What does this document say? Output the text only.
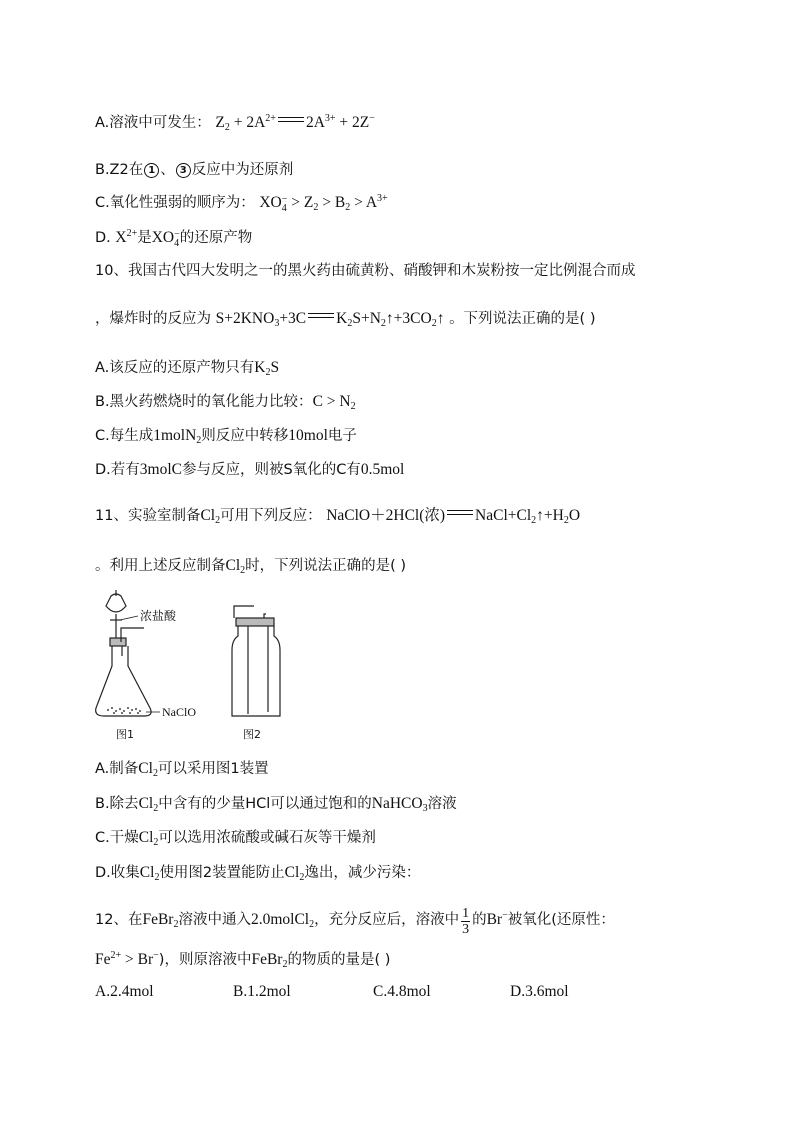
A.溶液中可发生： $Z_2 + 2A^{2+}$ $2A^{3+} + 2Z^-$
B.Z2在 1 、 3 反应中为还原剂
C.氧化性强弱的顺序为： XO −
$4 > Z_2 > B_2 > A^{3+}$
D. $X^{2+}$是XO −
4 的还原产物
10、我国古代四大发明之一的黑火药由硫黄粉、硝酸钾和木炭粉按一定比例混合而成
，爆炸时的反应为 $S+2KNO_3+3C$ $K_2S+N_2↑+3CO_2↑$ 。下列说法正确的是( )
A.该反应的还原产物只有$K_2S$
B.黑火药燃烧时的氧化能力比较：$C > N_2$
C.每生成1molN$_2$则反应中转移10mol电子
D.若有3molC参与反应，则被S氧化的C有0.5mol
11、实验室制备$Cl_2$可用下列反应： NaClO＋2HCl(浓) $NaCl+Cl_2↑+H_2O$
。利用上述反应制备$Cl_2$时，下列说法正确的是( )
浓盐酸
NaClO
图1	图2
A.制备$Cl_2$可以采用图1装置
B.除去$Cl_2$中含有的少量HCl可以通过饱和的NaHCO$_3$溶液
C.干燥$Cl_2$可以选用浓硫酸或碱石灰等干燥剂
D.收集$Cl_2$使用图2装置能防止$Cl_2$逸出，减少污染：
12、在FeBr$_2$溶液中通入2.0molCl$_2$，充分反应后，溶液中 $\frac{1}{3}$ 的Br−被氧化(还原性：
$Fe^{2+} > Br^-$)，则原溶液中FeBr$_2$的物质的量是( )
A.2.4mol	B.1.2mol	C.4.8mol	D.3.6mol
